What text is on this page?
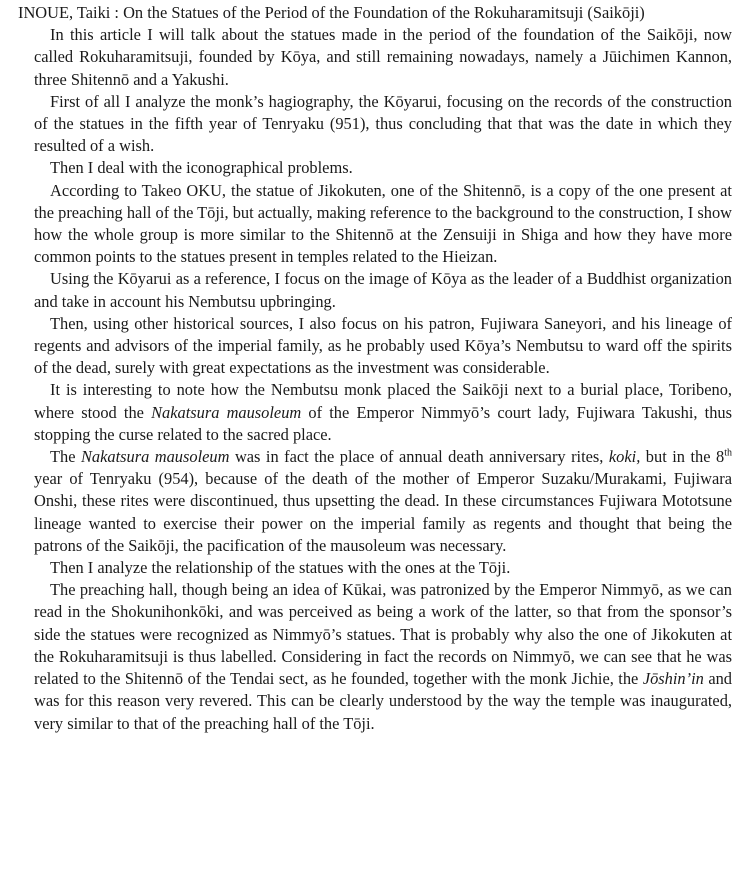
INOUE, Taiki : On the Statues of the Period of the Foundation of the Rokuharamitsuji (Saikōji)

In this article I will talk about the statues made in the period of the foundation of the Saikōji, now called Rokuharamitsuji, founded by Kōya, and still remaining nowadays, namely a Jūichimen Kannon, three Shitennō and a Yakushi.

First of all I analyze the monk’s hagiography, the Kōyarui, focusing on the records of the construction of the statues in the fifth year of Tenryaku (951), thus concluding that that was the date in which they resulted of a wish.

Then I deal with the iconographical problems.

According to Takeo OKU, the statue of Jikokuten, one of the Shitennō, is a copy of the one present at the preaching hall of the Tōji, but actually, making reference to the background to the construction, I show how the whole group is more similar to the Shitennō at the Zensuiji in Shiga and how they have more common points to the statues present in temples related to the Hieizan.

Using the Kōyarui as a reference, I focus on the image of Kōya as the leader of a Buddhist organization and take in account his Nembutsu upbringing.

Then, using other historical sources, I also focus on his patron, Fujiwara Saneyori, and his lineage of regents and advisors of the imperial family, as he probably used Kōya’s Nembutsu to ward off the spirits of the dead, surely with great expectations as the investment was considerable.

It is interesting to note how the Nembutsu monk placed the Saikōji next to a burial place, Toribeno, where stood the Nakatsura mausoleum of the Emperor Nimmyō’s court lady, Fujiwara Takushi, thus stopping the curse related to the sacred place.

The Nakatsura mausoleum was in fact the place of annual death anniversary rites, koki, but in the 8th year of Tenryaku (954), because of the death of the mother of Emperor Suzaku/Murakami, Fujiwara Onshi, these rites were discontinued, thus upsetting the dead. In these circumstances Fujiwara Mototsune lineage wanted to exercise their power on the imperial family as regents and thought that being the patrons of the Saikōji, the pacification of the mausoleum was necessary.

Then I analyze the relationship of the statues with the ones at the Tōji.

The preaching hall, though being an idea of Kūkai, was patronized by the Emperor Nimmyō, as we can read in the Shokunihonkōki, and was perceived as being a work of the latter, so that from the sponsor’s side the statues were recognized as Nimmyō’s statues. That is probably why also the one of Jikokuten at the Rokuharamitsuji is thus labelled. Considering in fact the records on Nimmyō, we can see that he was related to the Shitennō of the Tendai sect, as he founded, together with the monk Jichie, the Jōshin’in and was for this reason very revered. This can be clearly understood by the way the temple was inaugurated, very similar to that of the preaching hall of the Tōji.
